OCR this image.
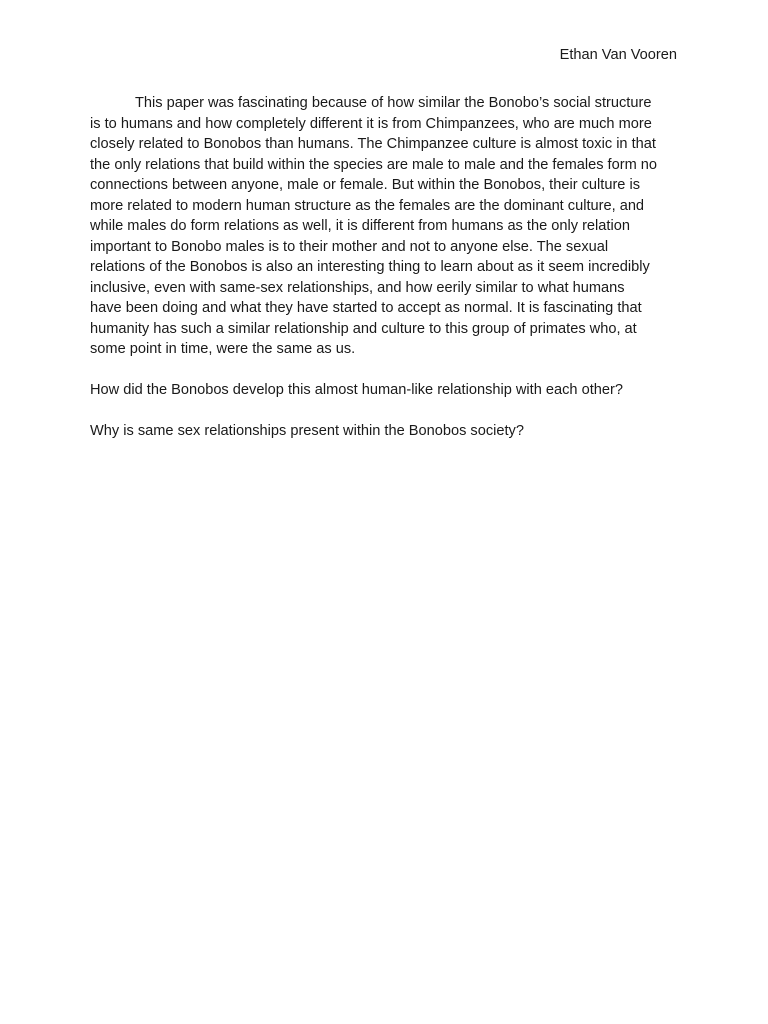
Ethan Van Vooren

This paper was fascinating because of how similar the Bonobo’s social structure
is to humans and how completely different it is from Chimpanzees, who are much more
closely related to Bonobos than humans. The Chimpanzee culture is almost toxic in that
the only relations that build within the species are male to male and the females form no
connections between anyone, male or female. But within the Bonobos, their culture is
more related to modern human structure as the females are the dominant culture, and
while males do form relations as well, it is different from humans as the only relation
important to Bonobo males is to their mother and not to anyone else. The sexual
relations of the Bonobos is also an interesting thing to learn about as it seem incredibly
inclusive, even with same-sex relationships, and how eerily similar to what humans
have been doing and what they have started to accept as normal. It is fascinating that
humanity has such a similar relationship and culture to this group of primates who, at
some point in time, were the same as us.

How did the Bonobos develop this almost human-like relationship with each other?

Why is same sex relationships present within the Bonobos society?
